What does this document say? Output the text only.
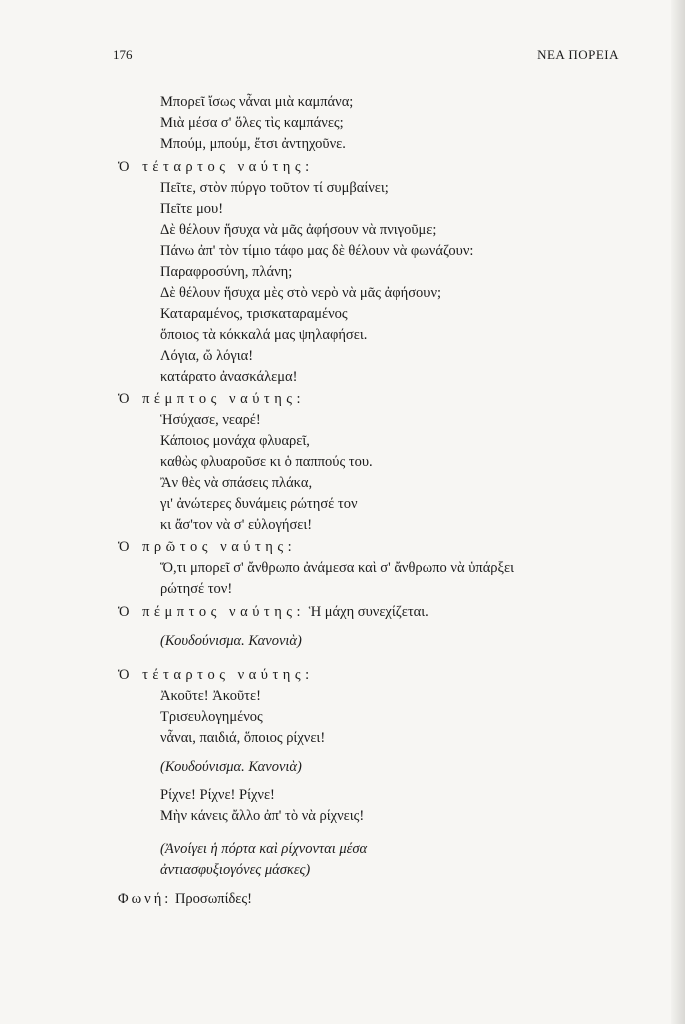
176	ΝΕΑ ΠΟΡΕΙΑ
Μπορεῖ ἴσως νἆναι μιὰ καμπάνα;
Μιὰ μέσα σ' ὅλες τὶς καμπάνες;
Μπούμ, μπούμ, ἔτσι ἀντηχοῦνε.
Ὁ τέταρτος ναύτης:
Πεῖτε, στὸν πύργο τοῦτον τί συμβαίνει;
Πεῖτε μου!
Δὲ θέλουν ἥσυχα νὰ μᾶς ἀφήσουν νὰ πνιγοῦμε;
Πάνω ἀπ' τὸν τίμιο τάφο μας δὲ θέλουν νὰ φωνάζουν:
Παραφροσύνη, πλάνη;
Δὲ θέλουν ἥσυχα μὲς στὸ νερὸ νὰ μᾶς ἀφήσουν;
Καταραμένος, τρισκαταραμένος
ὅποιος τὰ κόκκαλά μας ψηλαφήσει.
Λόγια, ὤ λόγια!
κατάρατο ἀνασκάλεμα!
Ὁ πέμπτος ναύτης:
Ἡσύχασε, νεαρέ!
Κάποιος μονάχα φλυαρεῖ,
καθὼς φλυαροῦσε κι ὁ παππούς του.
Ἂν θὲς νὰ σπάσεις πλάκα,
γι' ἀνώτερες δυνάμεις ρώτησέ τον
κι ἄσ'τον νὰ σ' εὐλογήσει!
Ὁ πρῶτος ναύτης:
Ὅ,τι μπορεῖ σ' ἄνθρωπο ἀνάμεσα καὶ σ' ἄνθρωπο νὰ ὑπάρξει
ρώτησέ τον!
Ὁ πέμπτος ναύτης: Ἡ μάχη συνεχίζεται.
(Κουδούνισμα. Κανονιὰ)
Ὁ τέταρτος ναύτης:
Ἀκοῦτε! Ἀκοῦτε!
Τρισευλογημένος
νἆναι, παιδιά, ὅποιος ρίχνει!
(Κουδούνισμα. Κανονιὰ)
Ρίχνε! Ρίχνε! Ρίχνε!
Μὴν κάνεις ἄλλο ἀπ' τὸ νὰ ρίχνεις!
(Ἀνοίγει ἡ πόρτα καὶ ρίχνονται μέσα
ἀντιασφυξιογόνες μάσκες)
Φωνή: Προσωπίδες!
